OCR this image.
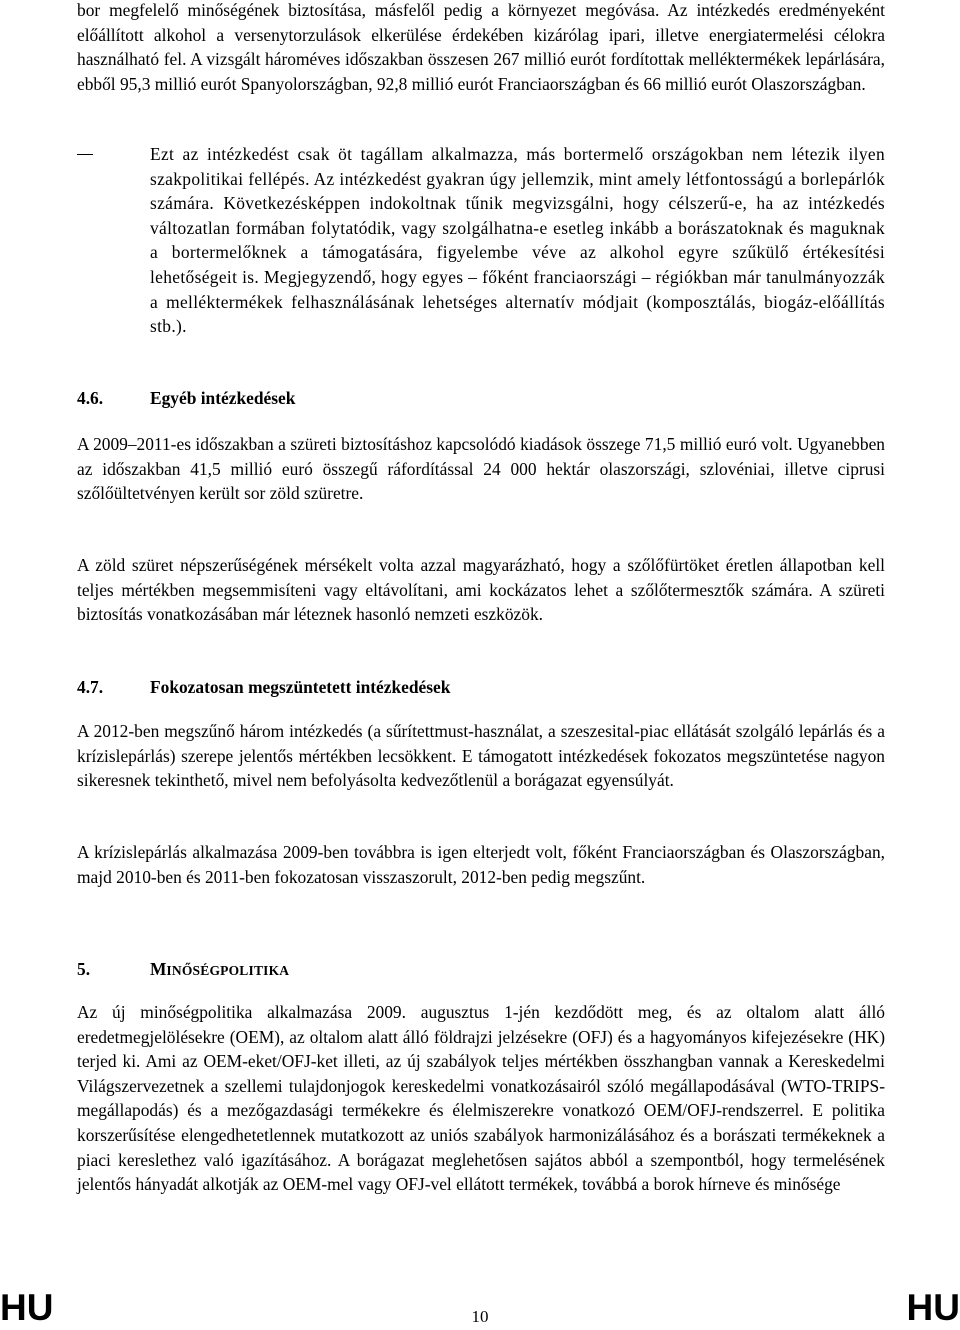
bor megfelelő minőségének biztosítása, másfelől pedig a környezet megóvása. Az intézkedés eredményeként előállított alkohol a versenytorzulások elkerülése érdekében kizárólag ipari, illetve energiatermelési célokra használható fel. A vizsgált hároméves időszakban összesen 267 millió eurót fordítottak melléktermékek lepárlására, ebből 95,3 millió eurót Spanyolországban, 92,8 millió eurót Franciaországban és 66 millió eurót Olaszországban.

Ezt az intézkedést csak öt tagállam alkalmazza, más bortermelő országokban nem létezik ilyen szakpolitikai fellépés. Az intézkedést gyakran úgy jellemzik, mint amely létfontosságú a borlepárlók számára. Következésképpen indokoltnak tűnik megvizsgálni, hogy célszerű-e, ha az intézkedés változatlan formában folytatódik, vagy szolgálhatna-e esetleg inkább a borászatoknak és maguknak a bortermelőknek a támogatására, figyelembe véve az alkohol egyre szűkülő értékesítési lehetőségeit is. Megjegyzendő, hogy egyes – főként franciaországi – régiókban már tanulmányozzák a melléktermékek felhasználásának lehetséges alternatív módjait (komposztálás, biogáz-előállítás stb.).

4.6.	Egyéb intézkedések

A 2009–2011-es időszakban a szüreti biztosításhoz kapcsolódó kiadások összege 71,5 millió euró volt. Ugyanebben az időszakban 41,5 millió euró összegű ráfordítással 24 000 hektár olaszországi, szlovéniai, illetve ciprusi szőlőültetvényen került sor zöld szüretre.

A zöld szüret népszerűségének mérsékelt volta azzal magyarázható, hogy a szőlőfürtöket éretlen állapotban kell teljes mértékben megsemmisíteni vagy eltávolítani, ami kockázatos lehet a szőlőtermesztők számára. A szüreti biztosítás vonatkozásában már léteznek hasonló nemzeti eszközök.

4.7.	Fokozatosan megszüntetett intézkedések

A 2012-ben megszűnő három intézkedés (a sűrítettmust-használat, a szeszesital-piac ellátását szolgáló lepárlás és a krízislepárlás) szerepe jelentős mértékben lecsökkent. E támogatott intézkedések fokozatos megszüntetése nagyon sikeresnek tekinthető, mivel nem befolyásolta kedvezőtlenül a borágazat egyensúlyát.

A krízislepárlás alkalmazása 2009-ben továbbra is igen elterjedt volt, főként Franciaországban és Olaszországban, majd 2010-ben és 2011-ben fokozatosan visszaszorult, 2012-ben pedig megszűnt.

5.	MINŐSÉGPOLITIKA

Az új minőségpolitika alkalmazása 2009. augusztus 1-jén kezdődött meg, és az oltalom alatt álló eredetmegjelölésekre (OEM), az oltalom alatt álló földrajzi jelzésekre (OFJ) és a hagyományos kifejezésekre (HK) terjed ki. Ami az OEM-eket/OFJ-ket illeti, az új szabályok teljes mértékben összhangban vannak a Kereskedelmi Világszervezetnek a szellemi tulajdonjogok kereskedelmi vonatkozásairól szóló megállapodásával (WTO-TRIPS-megállapodás) és a mezőgazdasági termékekre és élelmiszerekre vonatkozó OEM/OFJ-rendszerrel. E politika korszerűsítése elengedhetetlennek mutatkozott az uniós szabályok harmonizálásához és a borászati termékeknek a piaci kereslethez való igazításához. A borágazat meglehetősen sajátos abból a szempontból, hogy termelésének jelentős hányadát alkotják az OEM-mel vagy OFJ-vel ellátott termékek, továbbá a borok hírneve és minősége

HU	10	HU
